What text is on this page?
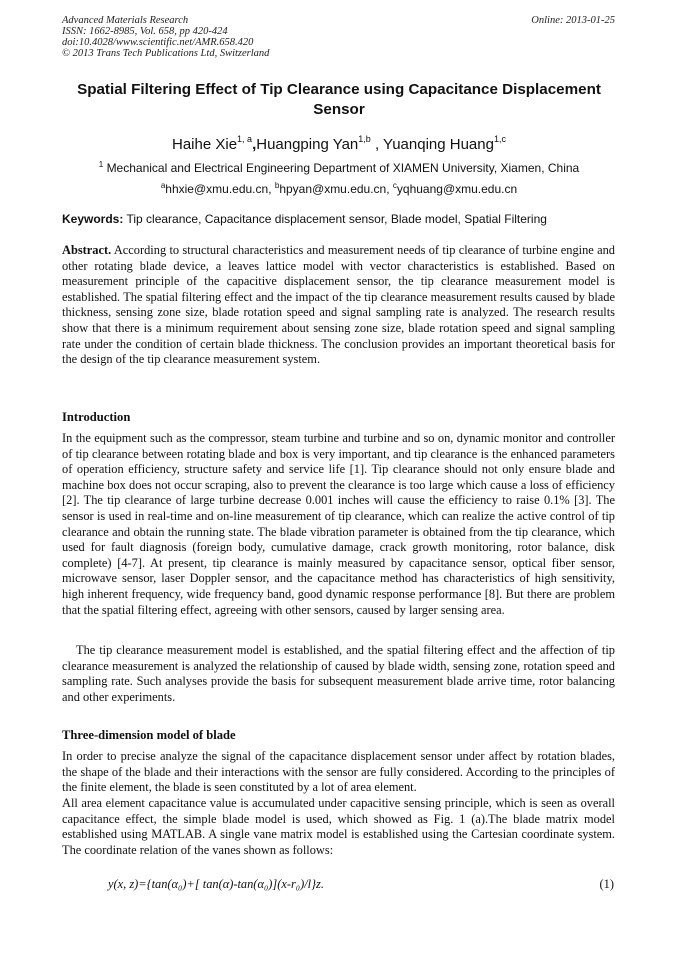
Advanced Materials Research
ISSN: 1662-8985, Vol. 658, pp 420-424
doi:10.4028/www.scientific.net/AMR.658.420
© 2013 Trans Tech Publications Ltd, Switzerland
Online: 2013-01-25
Spatial Filtering Effect of Tip Clearance using Capacitance Displacement Sensor
Haihe Xie$^{1, a}$,Huangping Yan$^{1,b}$ , Yuanqing Huang$^{1,c}$
$^1$ Mechanical and Electrical Engineering Department of XIAMEN University, Xiamen, China
$^a$hhxie@xmu.edu.cn, $^b$hpyan@xmu.edu.cn, $^c$yqhuang@xmu.edu.cn
Keywords: Tip clearance, Capacitance displacement sensor, Blade model, Spatial Filtering
Abstract. According to structural characteristics and measurement needs of tip clearance of turbine engine and other rotating blade device, a leaves lattice model with vector characteristics is established. Based on measurement principle of the capacitive displacement sensor, the tip clearance measurement model is established. The spatial filtering effect and the impact of the tip clearance measurement results caused by blade thickness, sensing zone size, blade rotation speed and signal sampling rate is analyzed. The research results show that there is a minimum requirement about sensing zone size, blade rotation speed and signal sampling rate under the condition of certain blade thickness. The conclusion provides an important theoretical basis for the design of the tip clearance measurement system.
Introduction
In the equipment such as the compressor, steam turbine and turbine and so on, dynamic monitor and controller of tip clearance between rotating blade and box is very important, and tip clearance is the enhanced parameters of operation efficiency, structure safety and service life [1]. Tip clearance should not only ensure blade and machine box does not occur scraping, also to prevent the clearance is too large which cause a loss of efficiency [2]. The tip clearance of large turbine decrease 0.001 inches will cause the efficiency to raise 0.1% [3]. The sensor is used in real-time and on-line measurement of tip clearance, which can realize the active control of tip clearance and obtain the running state. The blade vibration parameter is obtained from the tip clearance, which used for fault diagnosis (foreign body, cumulative damage, crack growth monitoring, rotor balance, disk complete) [4-7]. At present, tip clearance is mainly measured by capacitance sensor, optical fiber sensor, microwave sensor, laser Doppler sensor, and the capacitance method has characteristics of high sensitivity, high inherent frequency, wide frequency band, good dynamic response performance [8]. But there are problem that the spatial filtering effect, agreeing with other sensors, caused by larger sensing area.
The tip clearance measurement model is established, and the spatial filtering effect and the affection of tip clearance measurement is analyzed the relationship of caused by blade width, sensing zone, rotation speed and sampling rate. Such analyses provide the basis for subsequent measurement blade arrive time, rotor balancing and other experiments.
Three-dimension model of blade
In order to precise analyze the signal of the capacitance displacement sensor under affect by rotation blades, the shape of the blade and their interactions with the sensor are fully considered. According to the principles of the finite element, the blade is seen constituted by a lot of area element.
All area element capacitance value is accumulated under capacitive sensing principle, which is seen as overall capacitance effect, the simple blade model is used, which showed as Fig. 1 (a).The blade matrix model established using MATLAB. A single vane matrix model is established using the Cartesian coordinate system. The coordinate relation of the vanes shown as follows:
y(x, z)={tan(α₀)+[ tan(α)-tan(α₀)](x-r₀)/l}z.	(1)
